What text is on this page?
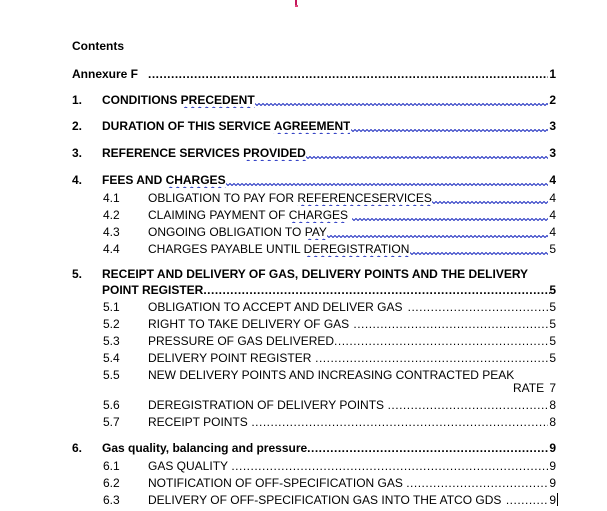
Contents
Annexure F .....	1
1. CONDITIONS PRECEDENT	2
2. DURATION OF THIS SERVICE AGREEMENT	3
3. REFERENCE SERVICES PROVIDED	3
4. FEES AND CHARGES	4
4.1 OBLIGATION TO PAY FOR REFERENCESERVICES	4
4.2 CLAIMING PAYMENT OF CHARGES	4
4.3 ONGOING OBLIGATION TO PAY	4
4.4 CHARGES PAYABLE UNTIL DEREGISTRATION	5
5. RECEIPT AND DELIVERY OF GAS, DELIVERY POINTS AND THE DELIVERY
POINT REGISTER .....	5
5.1 OBLIGATION TO ACCEPT AND DELIVER GAS .....	5
5.2 RIGHT TO TAKE DELIVERY OF GAS .....	5
5.3 PRESSURE OF GAS DELIVERED .....	5
5.4 DELIVERY POINT REGISTER .....	5
5.5 NEW DELIVERY POINTS AND INCREASING CONTRACTED PEAK
RATE 7
5.6 DEREGISTRATION OF DELIVERY POINTS .....	8
5.7 RECEIPT POINTS .....	8
6. Gas quality, balancing and pressure .....	9
6.1 GAS QUALITY .....	9
6.2 NOTIFICATION OF OFF-SPECIFICATION GAS .....	9
6.3 DELIVERY OF OFF-SPECIFICATION GAS INTO THE ATCO GDS .....	9
